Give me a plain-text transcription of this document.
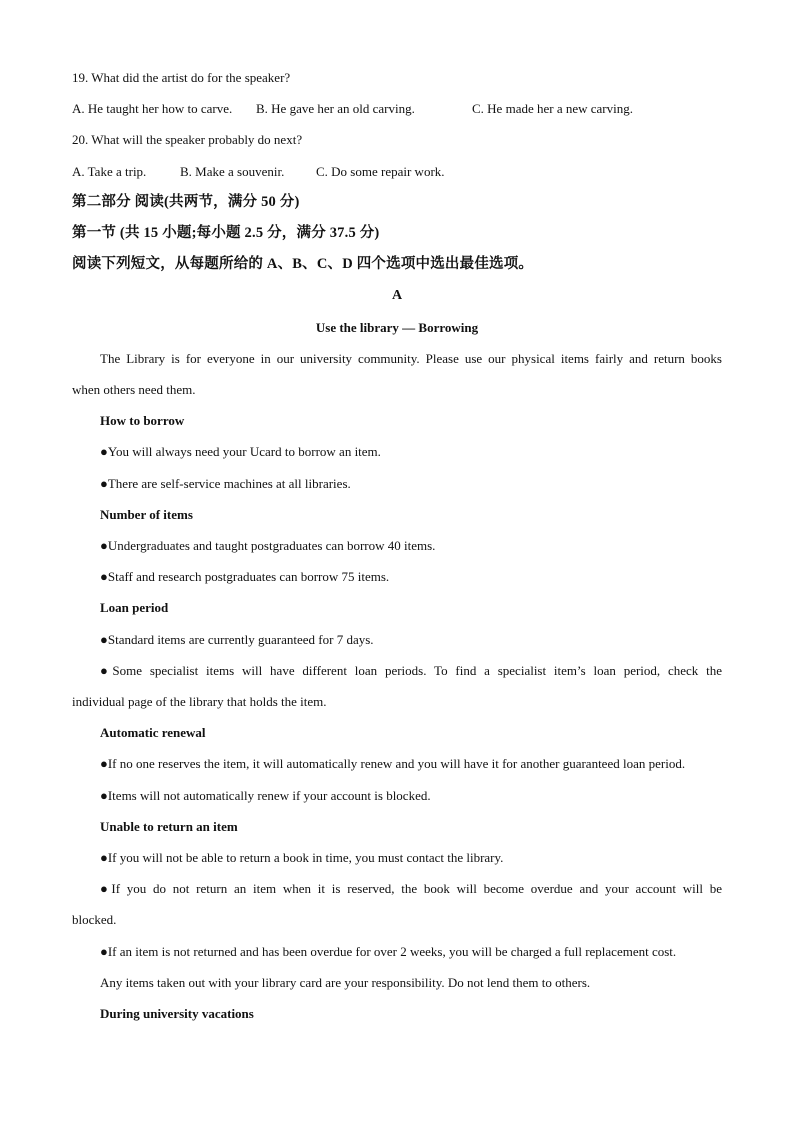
19. What did the artist do for the speaker?
A. He taught her how to carve. B. He gave her an old carving.	C. He made her a new carving.
20. What will the speaker probably do next?
A. Take a trip.	B. Make a souvenir. C. Do some repair work.
第二部分 阅读(共两节，满分 50 分)
第一节 (共 15 小题;每小题 2.5 分，满分 37.5 分)
阅读下列短文，从每题所给的 A、B、C、D 四个选项中选出最佳选项。
A
Use the library — Borrowing
The Library is for everyone in our university community. Please use our physical items fairly and return books
when others need them.
How to borrow
●You will always need your Ucard to borrow an item.
●There are self-service machines at all libraries.
Number of items
●Undergraduates and taught postgraduates can borrow 40 items.
●Staff and research postgraduates can borrow 75 items.
Loan period
●Standard items are currently guaranteed for 7 days.
●Some specialist items will have different loan periods. To find a specialist item’s loan period, check the
individual page of the library that holds the item.
Automatic renewal
●If no one reserves the item, it will automatically renew and you will have it for another guaranteed loan period.
●Items will not automatically renew if your account is blocked.
Unable to return an item
●If you will not be able to return a book in time, you must contact the library.
●If you do not return an item when it is reserved, the book will become overdue and your account will be
blocked.
●If an item is not returned and has been overdue for over 2 weeks, you will be charged a full replacement cost.
Any items taken out with your library card are your responsibility. Do not lend them to others.
During university vacations
